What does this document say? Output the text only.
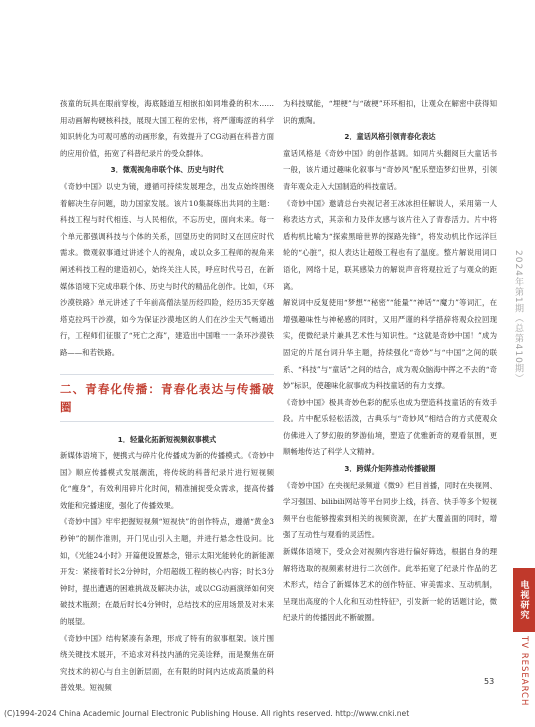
孩童的玩具在眼前穿梭，海底隧道互相嵌扣如同堆叠的积木……用动画解构硬核科技，展现大国工程的宏伟，将严谨晦涩的科学知识转化为可观可感的动画形象，有效提升了CG动画在科普方面的应用价值，拓宽了科普纪录片的受众群体。

3．微观视角串联个体、历史与时代

《奇妙中国》以史为镜，遵循可持续发展理念，出发点始终围绕着解决生存问题，助力国家发展。该片10集凝练出共同的主题：科技工程与时代相连、与人民相依，不忘历史，面向未来。每一个单元都强调科技与个体的关系，回望历史的同时又在回应时代需求。微观叙事通过讲述个人的视角，或以众多工程师的视角来阐述科技工程的建造初心，始终关注人民，呼应时代号召，在新媒体语境下完成串联个体、历史与时代的精品化创作。比如，《环沙漠铁路》单元讲述了千年前高僧法显历经四险，经历35天穿越塔克拉玛干沙漠，如今为保证沙漠地区的人们在沙尘天气畅通出行，工程师们征服了“死亡之海”，建造出中国唯一一条环沙漠铁路——和若铁路。

二、青春化传播：青春化表达与传播破圈

1．轻量化拓新短视频叙事模式

新媒体语境下，便携式与碎片化传播成为新的传播模式。《奇妙中国》顺应传播模式发展潮流，将传统的科普纪录片进行短视频化“瘦身”，有效利用碎片化时间，精准捕捉受众需求，提高传播效能和完播速度，强化了传播效果。

《奇妙中国》牢牢把握短视频“短视快”的创作特点，遵循“黄金3秒钟”的制作准则，开门见山引入主题，并进行悬念性设问。比如，《光能24小时》开篇便设置悬念，错示太阳光能转化的新能源开发：紧接着时长2分钟时，介绍超级工程的核心内容；时长3分钟时，提出遭遇的困难挑战及解决办法，或以CG动画演绎如何突破技术瓶颈；在最后时长4分钟时，总结技术的应用场景及对未来的展望。

《奇妙中国》结构紧凑有条理，形成了特有的叙事框架。该片围绕关键技术展开，不追求对科技内涵的完美诠释，而是聚焦在研究技术的初心与自主创新层面，在有限的时间内达成高质量的科普效果。短视频

为科技赋能，“埋梗”与“破梗”环环相扣，让观众在解密中获得知识的熏陶。

2．童话风格引领青春化表达

童话风格是《奇妙中国》的创作基调。如同片头翻阅巨大童话书一般，该片通过趣味化叙事与“奇妙风”配乐塑造梦幻世界，引领青年观众走入大国制造的科技童话。

《奇妙中国》邀请总台央视记者王冰冰担任解说人，采用第一人称表达方式，其亲和力及伴友感与该片往入了青春活力。片中将盾构机比喻为“探索黑暗世界的探路先锋”，将发动机比作远洋巨轮的“心脏”，拟人表达让超级工程也有了温度。整片解说用词口语化，网络十足，联其感染力的解说声音将观拉近了与观众的距离。

解说词中反复使用“梦想”“秘密”“能量”“神话”“魔力”等词汇，在增强趣味性与神秘感的同时，又用严谨的科学措辞将观众拉回现实，使微纪录片兼具艺术性与知识性。“这就是奇妙中国！”成为固定的片尾台词升华主题，持续强化“奇妙”与“中国”之间的联系、“科技”与“童话”之间的结合，成为观众脑海中挥之不去的“奇妙”标识，使趣味化叙事成为科技童话的有力支撑。

《奇妙中国》极具奇妙色彩的配乐也成为塑造科技童话的有效手段。片中配乐轻松活泼，古典乐与“奇妙风”相结合的方式使观众仿佛进入了梦幻般的梦游仙境，塑造了优雅新奇的观看氛围，更顺畅地传达了科学人文精神。

3．跨媒介矩阵推动传播破圈

《奇妙中国》在央视纪录频道《微9》栏目首播，同时在央视网、学习强国、bilibili网站等平台同步上线，抖音、快手等多个短视频平台也能够搜索到相关的视频资源，在扩大覆盖面的同时，增强了互动性与观看的灵活性。

新媒体语境下，受众会对视频内容进行偏好筛选，根据自身的理解将选取的视频素材进行二次创作。此举拓宽了纪录片作品的艺术形式，结合了新媒体艺术的创作特征、审美需求、互动机制，呈现出高度的个人化和互动性特征³，引发新一轮的话题讨论，微纪录片的传播因此不断破圈。

2024年第1期（总第410期）
电视研究
TV RESEARCH
53
(C)1994-2024 China Academic Journal Electronic Publishing House. All rights reserved. http://www.cnki.net
